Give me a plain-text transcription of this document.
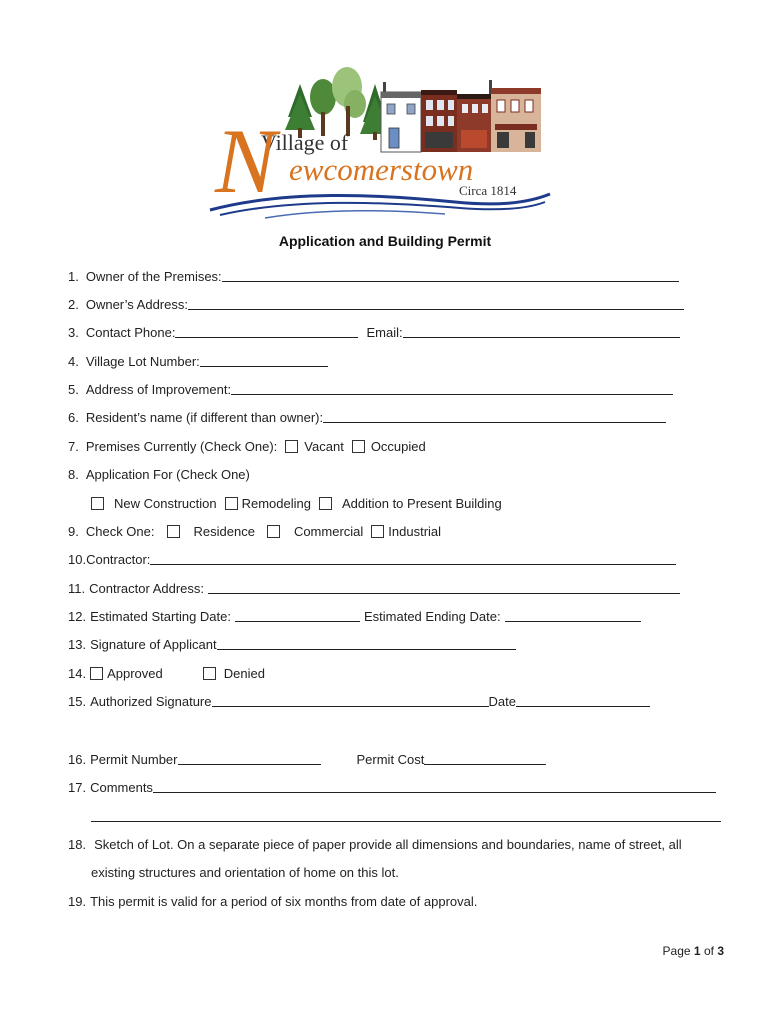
Village of
N ewcomerstown
Circa 1814
Application and Building Permit
1. Owner of the Premises:
2. Owner’s Address:
3. Contact Phone:	Email:
4. Village Lot Number:
5. Address of Improvement:
6. Resident’s name (if different than owner):
7. Premises Currently (Check One): Vacant Occupied
8. Application For (Check One)
New Construction Remodeling Addition to Present Building
9. Check One:	Residence	Commercial Industrial
10. Contractor:
11. Contractor Address:
12. Estimated Starting Date:	Estimated Ending Date:
13. Signature of Applicant
14. Approved	Denied
15. Authorized Signature	Date
16. Permit Number	Permit Cost
17. Comments
18. Sketch of Lot. On a separate piece of paper provide all dimensions and boundaries, name of street, all
existing structures and orientation of home on this lot.
19. This permit is valid for a period of six months from date of approval.
Page 1 of 3
